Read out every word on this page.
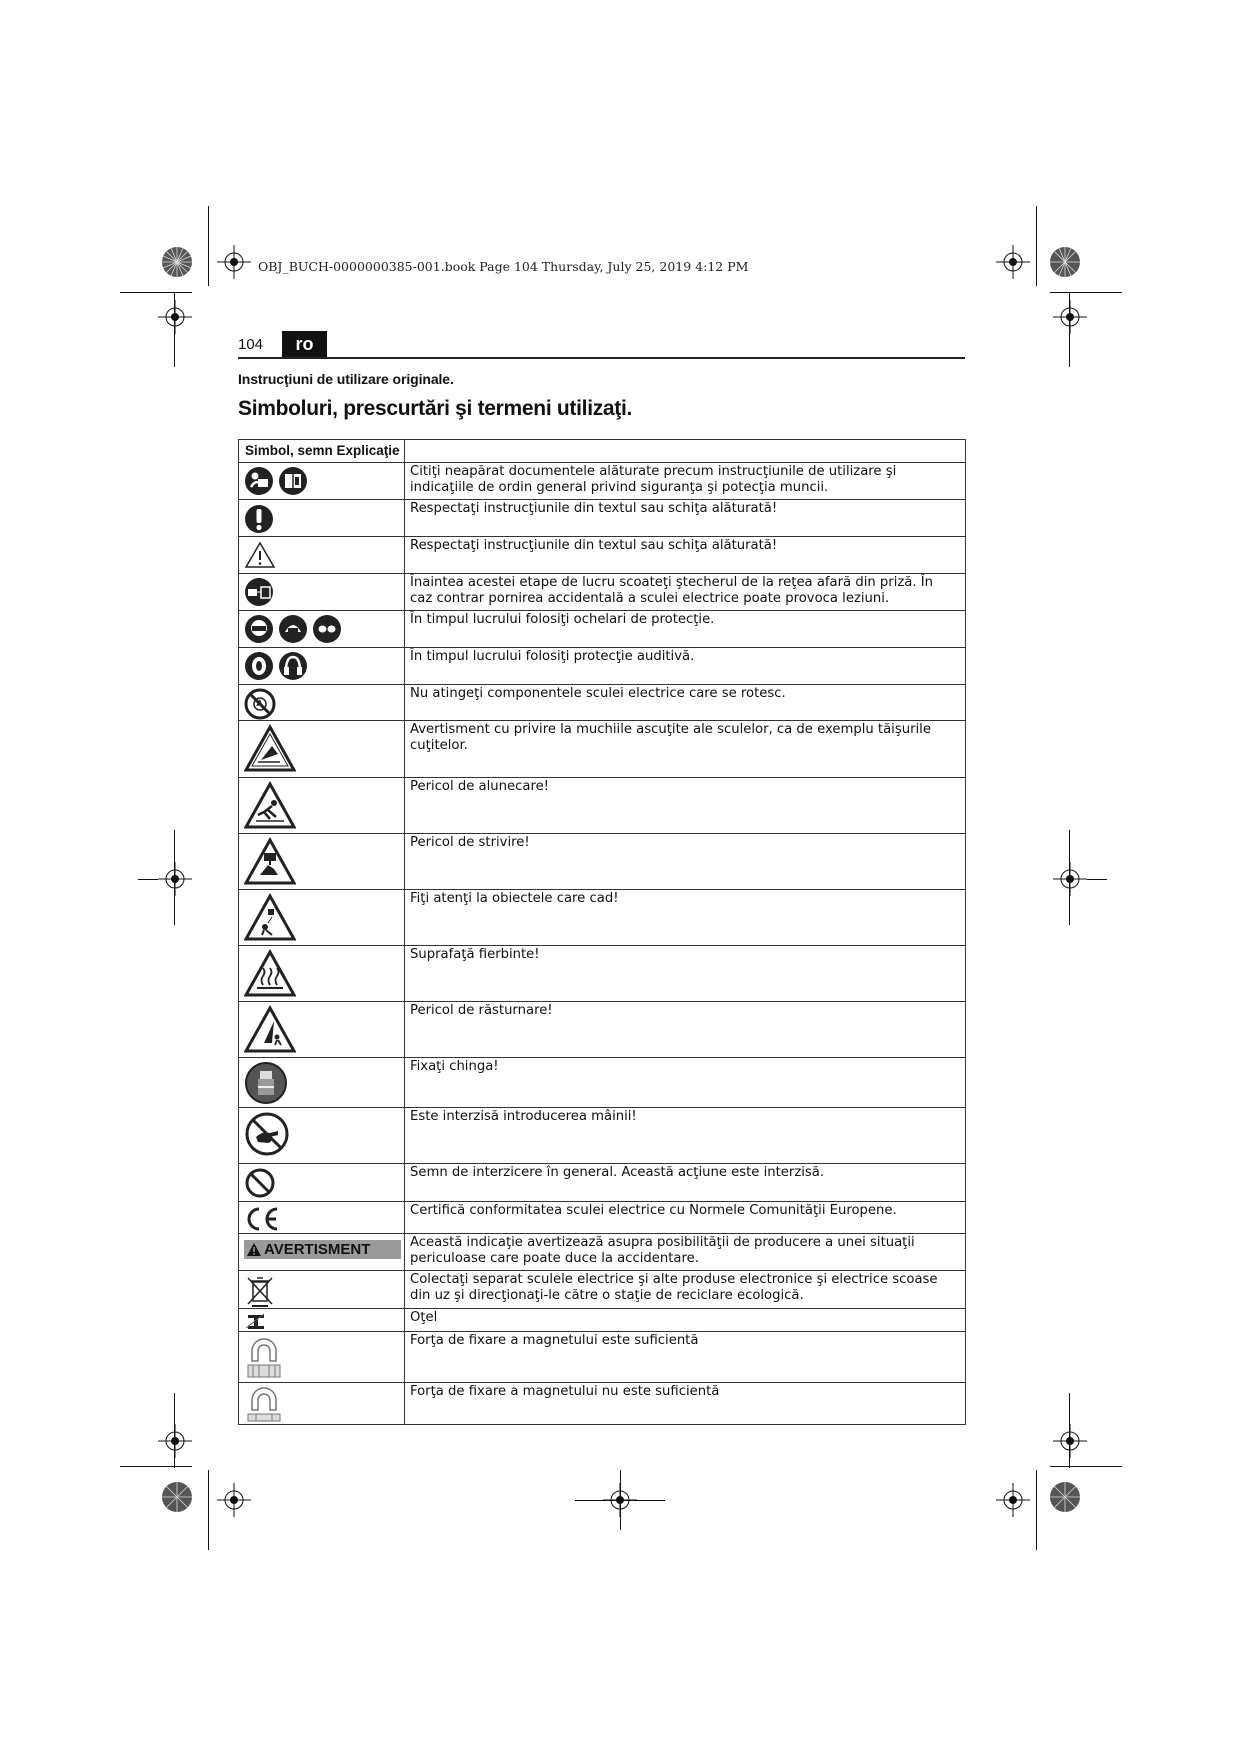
OBJ_BUCH-0000000385-001.book Page 104 Thursday, July 25, 2019 4:12 PM
104	ro
Instrucţiuni de utilizare originale.
Simboluri, prescurtări şi termeni utilizaţi.
Simbol, semn Explicaţie	

	Citiţi neapărat documentele alăturate precum instrucţiunile de utilizare şi indicaţiile de ordin general privind siguranţa şi potecţia muncii.

	Respectaţi instrucţiunile din textul sau schiţa alăturată!

	Respectaţi instrucţiunile din textul sau schiţa alăturată!

	Înaintea acestei etape de lucru scoateţi ştecherul de la reţea afară din priză. În caz contrar pornirea accidentală a sculei electrice poate provoca leziuni.

	În timpul lucrului folosiţi ochelari de protecţie.

	În timpul lucrului folosiţi protecţie auditivă.

	Nu atingeţi componentele sculei electrice care se rotesc.

	Avertisment cu privire la muchiile ascuţite ale sculelor, ca de exemplu tăişurile cuţitelor.

	Pericol de alunecare!

	Pericol de strivire!

	Fiţi atenţi la obiectele care cad!

	Suprafaţă fierbinte!

	Pericol de răsturnare!

	Fixaţi chinga!

	Este interzisă introducerea mâinii!

	Semn de interzicere în general. Această acţiune este interzisă.

	Certifică conformitatea sculei electrice cu Normele Comunităţii Europene.

AVERTISMENT	Această indicaţie avertizează asupra posibilităţii de producere a unei situaţii periculoase care poate duce la accidentare.

	Colectaţi separat sculele electrice şi alte produse electronice şi electrice scoase din uz şi direcţionaţi-le către o staţie de reciclare ecologică.

	Oţel

	Forţa de fixare a magnetului este suficientă

	Forţa de fixare a magnetului nu este suficientă
